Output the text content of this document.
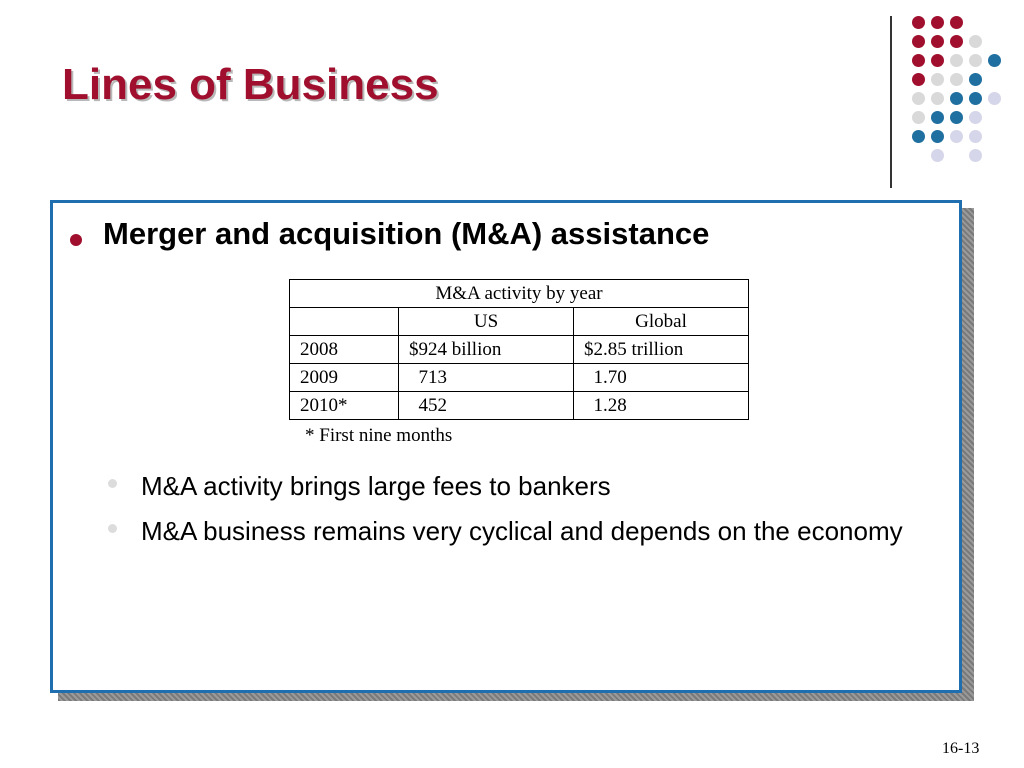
Lines of Business
Merger and acquisition (M&A) assistance
M&A activity by year		
	US	Global
2008	$924 billion	$2.85 trillion
2009	713	1.70
2010*	452	1.28
* First nine months
M&A activity brings large fees to bankers
M&A business remains very cyclical and depends on the economy
16-13
